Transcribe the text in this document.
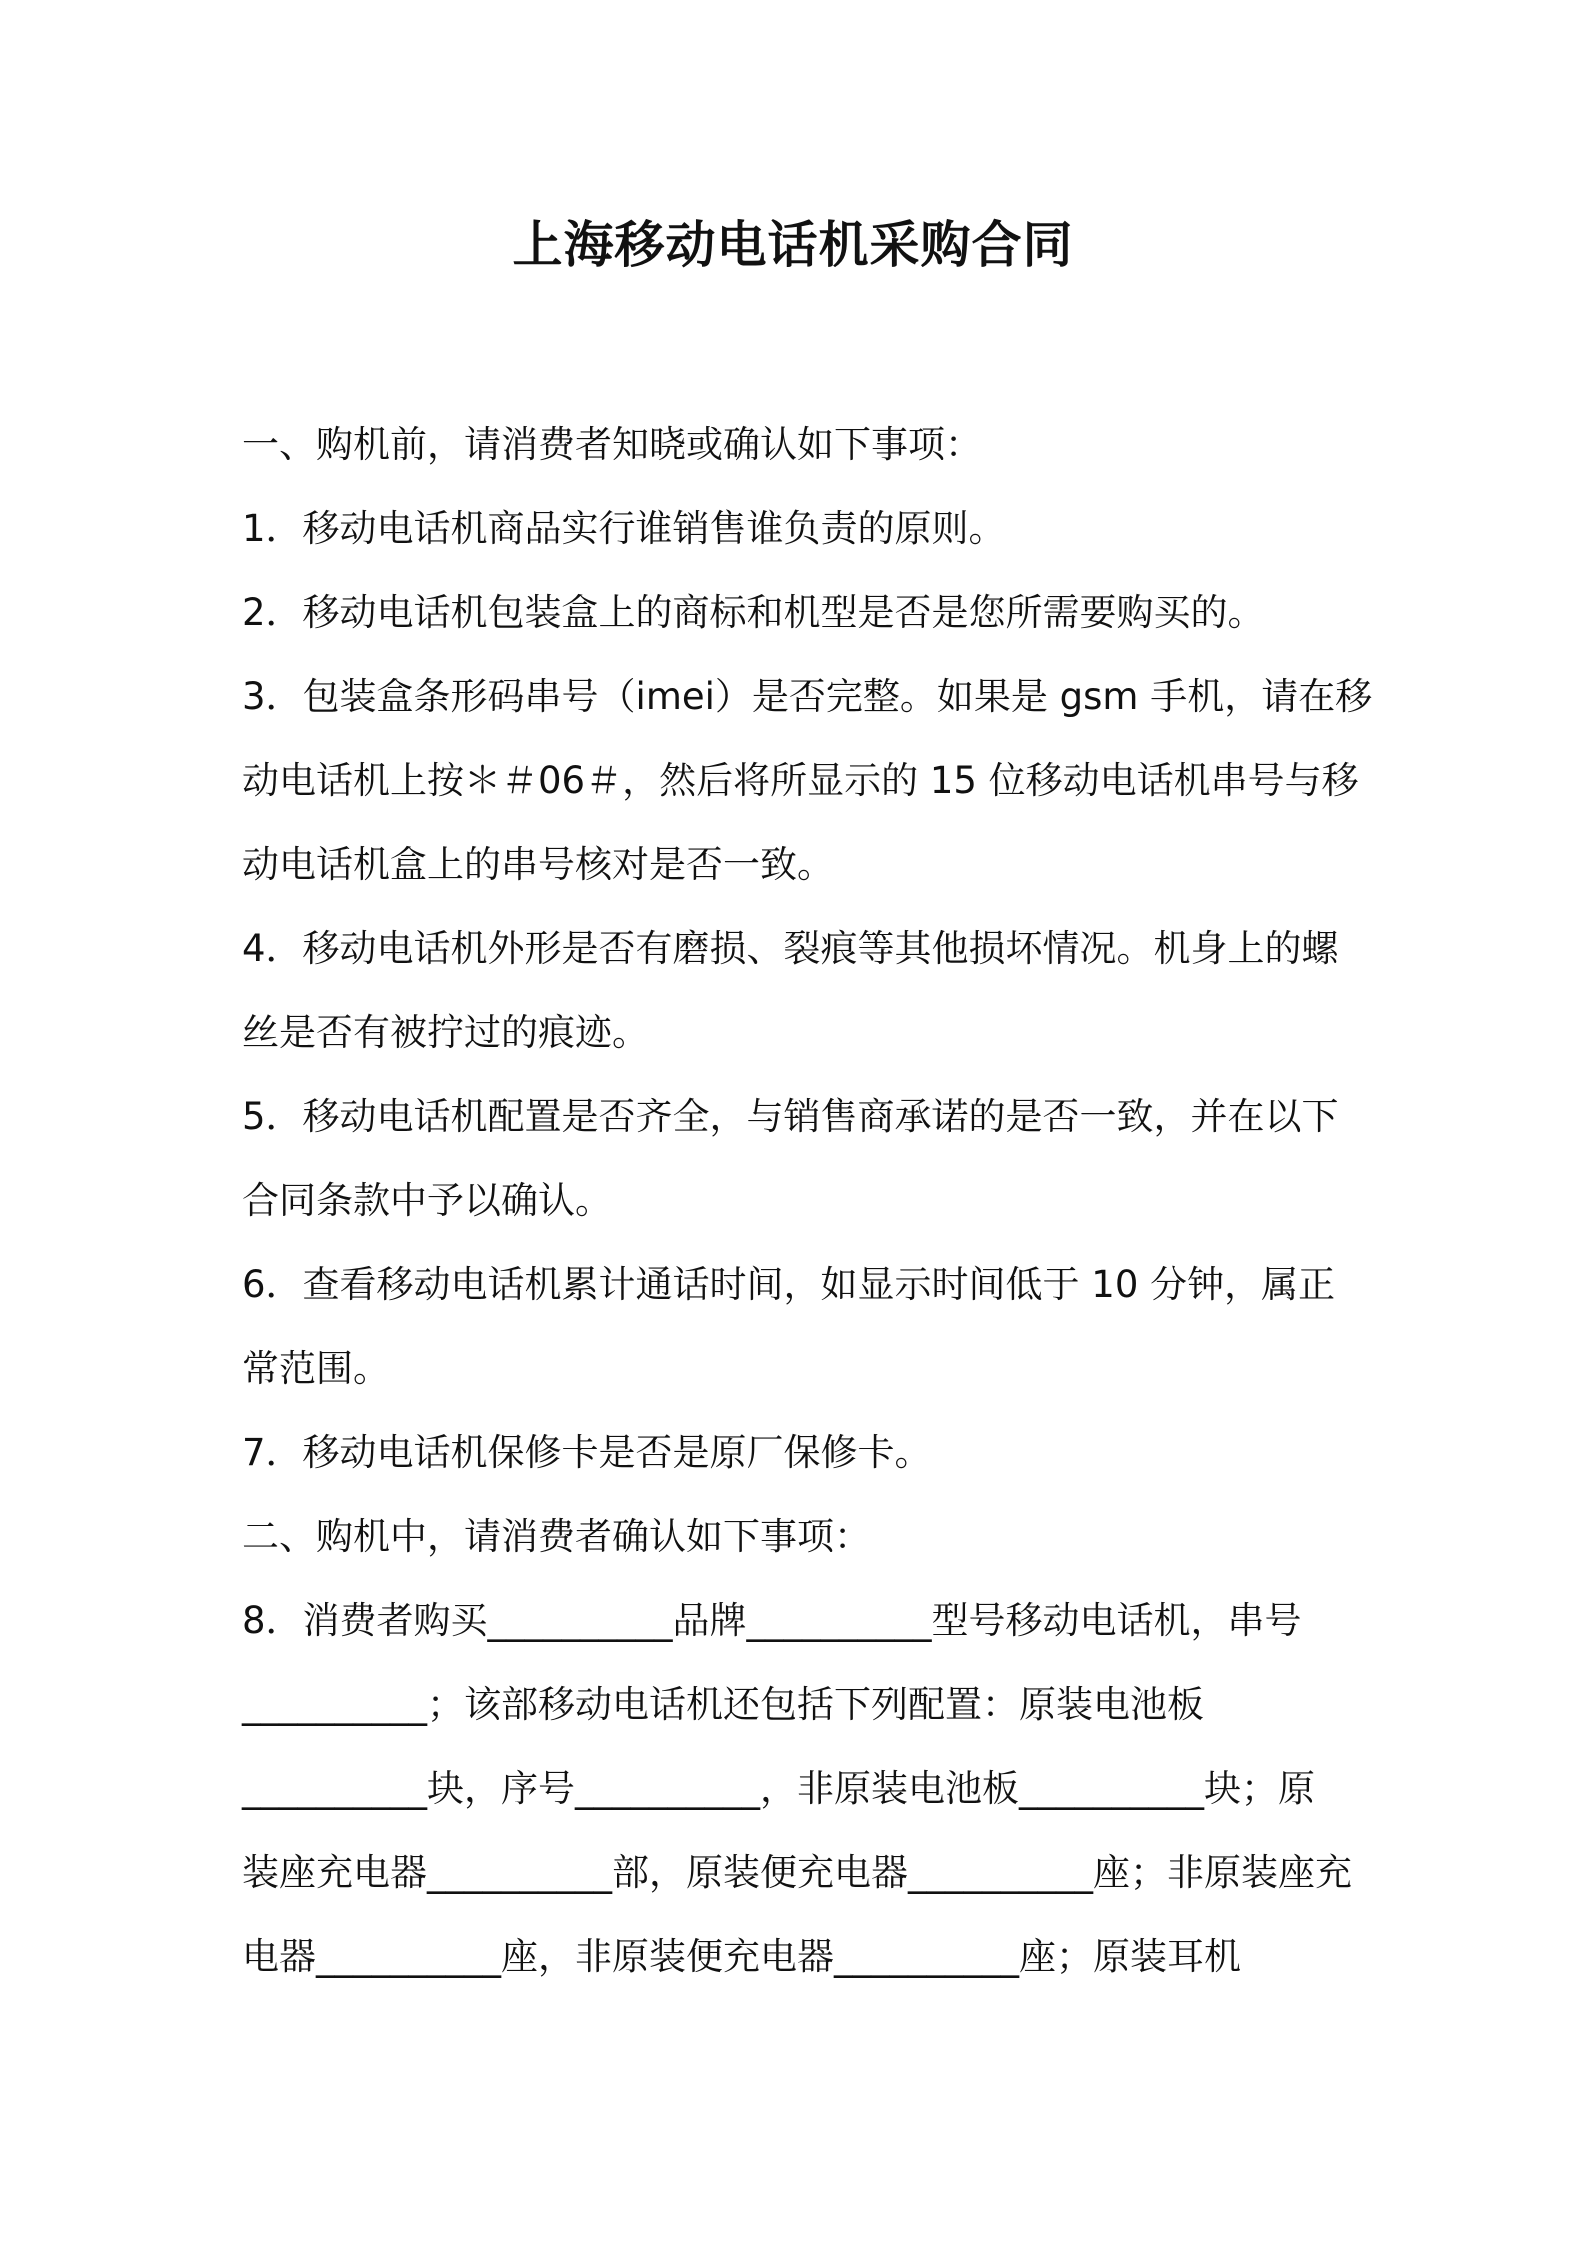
上海移动电话机采购合同
一、购机前，请消费者知晓或确认如下事项：
1．移动电话机商品实行谁销售谁负责的原则。
2．移动电话机包装盒上的商标和机型是否是您所需要购买的。
3．包装盒条形码串号（imei）是否完整。如果是 gsm 手机，请在移
动电话机上按＊＃06＃，然后将所显示的 15 位移动电话机串号与移
动电话机盒上的串号核对是否一致。
4．移动电话机外形是否有磨损、裂痕等其他损坏情况。机身上的螺
丝是否有被拧过的痕迹。
5．移动电话机配置是否齐全，与销售商承诺的是否一致，并在以下
合同条款中予以确认。
6．查看移动电话机累计通话时间，如显示时间低于 10 分钟，属正
常范围。
7．移动电话机保修卡是否是原厂保修卡。
二、购机中，请消费者确认如下事项：
8．消费者购买__________品牌__________型号移动电话机，串号
__________；该部移动电话机还包括下列配置：原装电池板
__________块，序号__________，非原装电池板__________块；原
装座充电器__________部，原装便充电器__________座；非原装座充
电器__________座，非原装便充电器__________座；原装耳机
